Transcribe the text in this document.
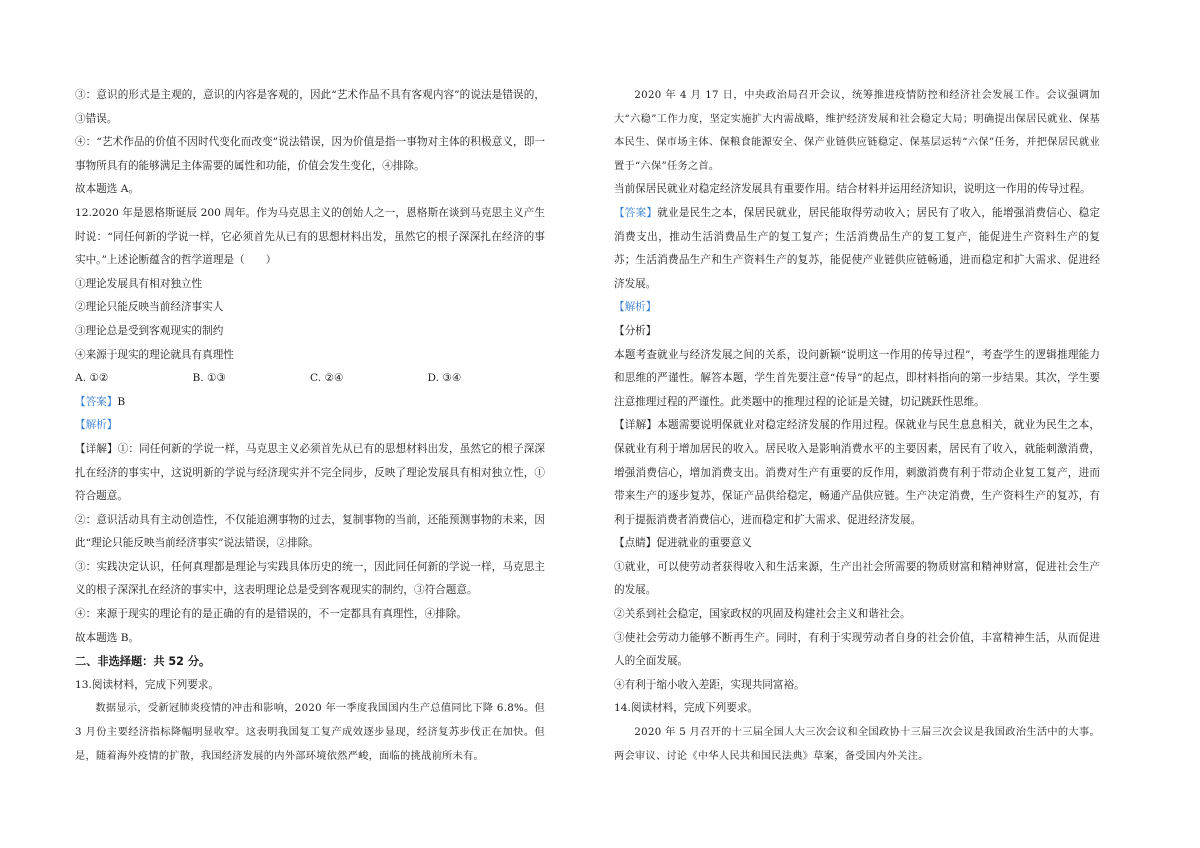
③：意识的形式是主观的，意识的内容是客观的，因此“艺术作品不具有客观内容”的说法是错误的，③错误。

④：“艺术作品的价值不因时代变化而改变”说法错误，因为价值是指一事物对主体的积极意义，即一事物所具有的能够满足主体需要的属性和功能，价值会发生变化，④排除。

故本题选 A。

12.2020 年是恩格斯诞辰 200 周年。作为马克思主义的创始人之一，恩格斯在谈到马克思主义产生时说：“同任何新的学说一样，它必须首先从已有的思想材料出发，虽然它的根子深深扎在经济的事实中。”上述论断蕴含的哲学道理是（　　）

①理论发展具有相对独立性

②理论只能反映当前经济事实人

③理论总是受到客观现实的制约

④来源于现实的理论就具有真理性

A. ①②	B. ①③	C. ②④	D. ③④

【答案】B

【解析】

【详解】①：同任何新的学说一样，马克思主义必须首先从已有的思想材料出发，虽然它的根子深深扎在经济的事实中，这说明新的学说与经济现实并不完全同步，反映了理论发展具有相对独立性，①符合题意。

②：意识活动具有主动创造性，不仅能追溯事物的过去，复制事物的当前，还能预测事物的未来，因此“理论只能反映当前经济事实”说法错误，②排除。

③：实践决定认识，任何真理都是理论与实践具体历史的统一，因此同任何新的学说一样，马克思主义的根子深深扎在经济的事实中，这表明理论总是受到客观现实的制约，③符合题意。

④：来源于现实的理论有的是正确的有的是错误的，不一定都具有真理性，④排除。

故本题选 B。

二、非选择题：共 52 分。

13.阅读材料，完成下列要求。

数据显示，受新冠肺炎疫情的冲击和影响，2020 年一季度我国国内生产总值同比下降 6.8%。但 3 月份主要经济指标降幅明显收窄。这表明我国复工复产成效逐步显现，经济复苏步伐正在加快。但是，随着海外疫情的扩散，我国经济发展的内外部环境依然严峻，面临的挑战前所未有。

2020 年 4 月 17 日，中央政治局召开会议，统筹推进疫情防控和经济社会发展工作。会议强调加大“六稳”工作力度，坚定实施扩大内需战略，维护经济发展和社会稳定大局；明确提出保居民就业、保基本民生、保市场主体、保粮食能源安全、保产业链供应链稳定、保基层运转“六保”任务，并把保居民就业置于“六保”任务之首。

当前保居民就业对稳定经济发展具有重要作用。结合材料并运用经济知识，说明这一作用的传导过程。

【答案】就业是民生之本，保居民就业，居民能取得劳动收入；居民有了收入，能增强消费信心、稳定消费支出，推动生活消费品生产的复工复产；生活消费品生产的复工复产，能促进生产资料生产的复苏；生活消费品生产和生产资料生产的复苏，能促使产业链供应链畅通，进而稳定和扩大需求、促进经济发展。

【解析】

【分析】

本题考查就业与经济发展之间的关系，设问新颖“说明这一作用的传导过程”，考查学生的逻辑推理能力和思维的严谨性。解答本题，学生首先要注意“传导”的起点，即材料指向的第一步结果。其次，学生要注意推理过程的严谨性。此类题中的推理过程的论证是关键，切记跳跃性思维。

【详解】本题需要说明保就业对稳定经济发展的作用过程。保就业与民生息息相关，就业为民生之本，保就业有利于增加居民的收入。居民收入是影响消费水平的主要因素，居民有了收入，就能刺激消费，增强消费信心，增加消费支出。消费对生产有重要的反作用，刺激消费有利于带动企业复工复产，进而带来生产的逐步复苏，保证产品供给稳定，畅通产品供应链。生产决定消费，生产资料生产的复苏，有利于提振消费者消费信心，进而稳定和扩大需求、促进经济发展。

【点睛】促进就业的重要意义

①就业，可以使劳动者获得收入和生活来源，生产出社会所需要的物质财富和精神财富，促进社会生产的发展。

②关系到社会稳定，国家政权的巩固及构建社会主义和谐社会。

③使社会劳动力能够不断再生产。同时，有利于实现劳动者自身的社会价值，丰富精神生活，从而促进人的全面发展。

④有利于缩小收入差距，实现共同富裕。

14.阅读材料，完成下列要求。

2020 年 5 月召开的十三届全国人大三次会议和全国政协十三届三次会议是我国政治生活中的大事。两会审议、讨论《中华人民共和国民法典》草案，备受国内外关注。
